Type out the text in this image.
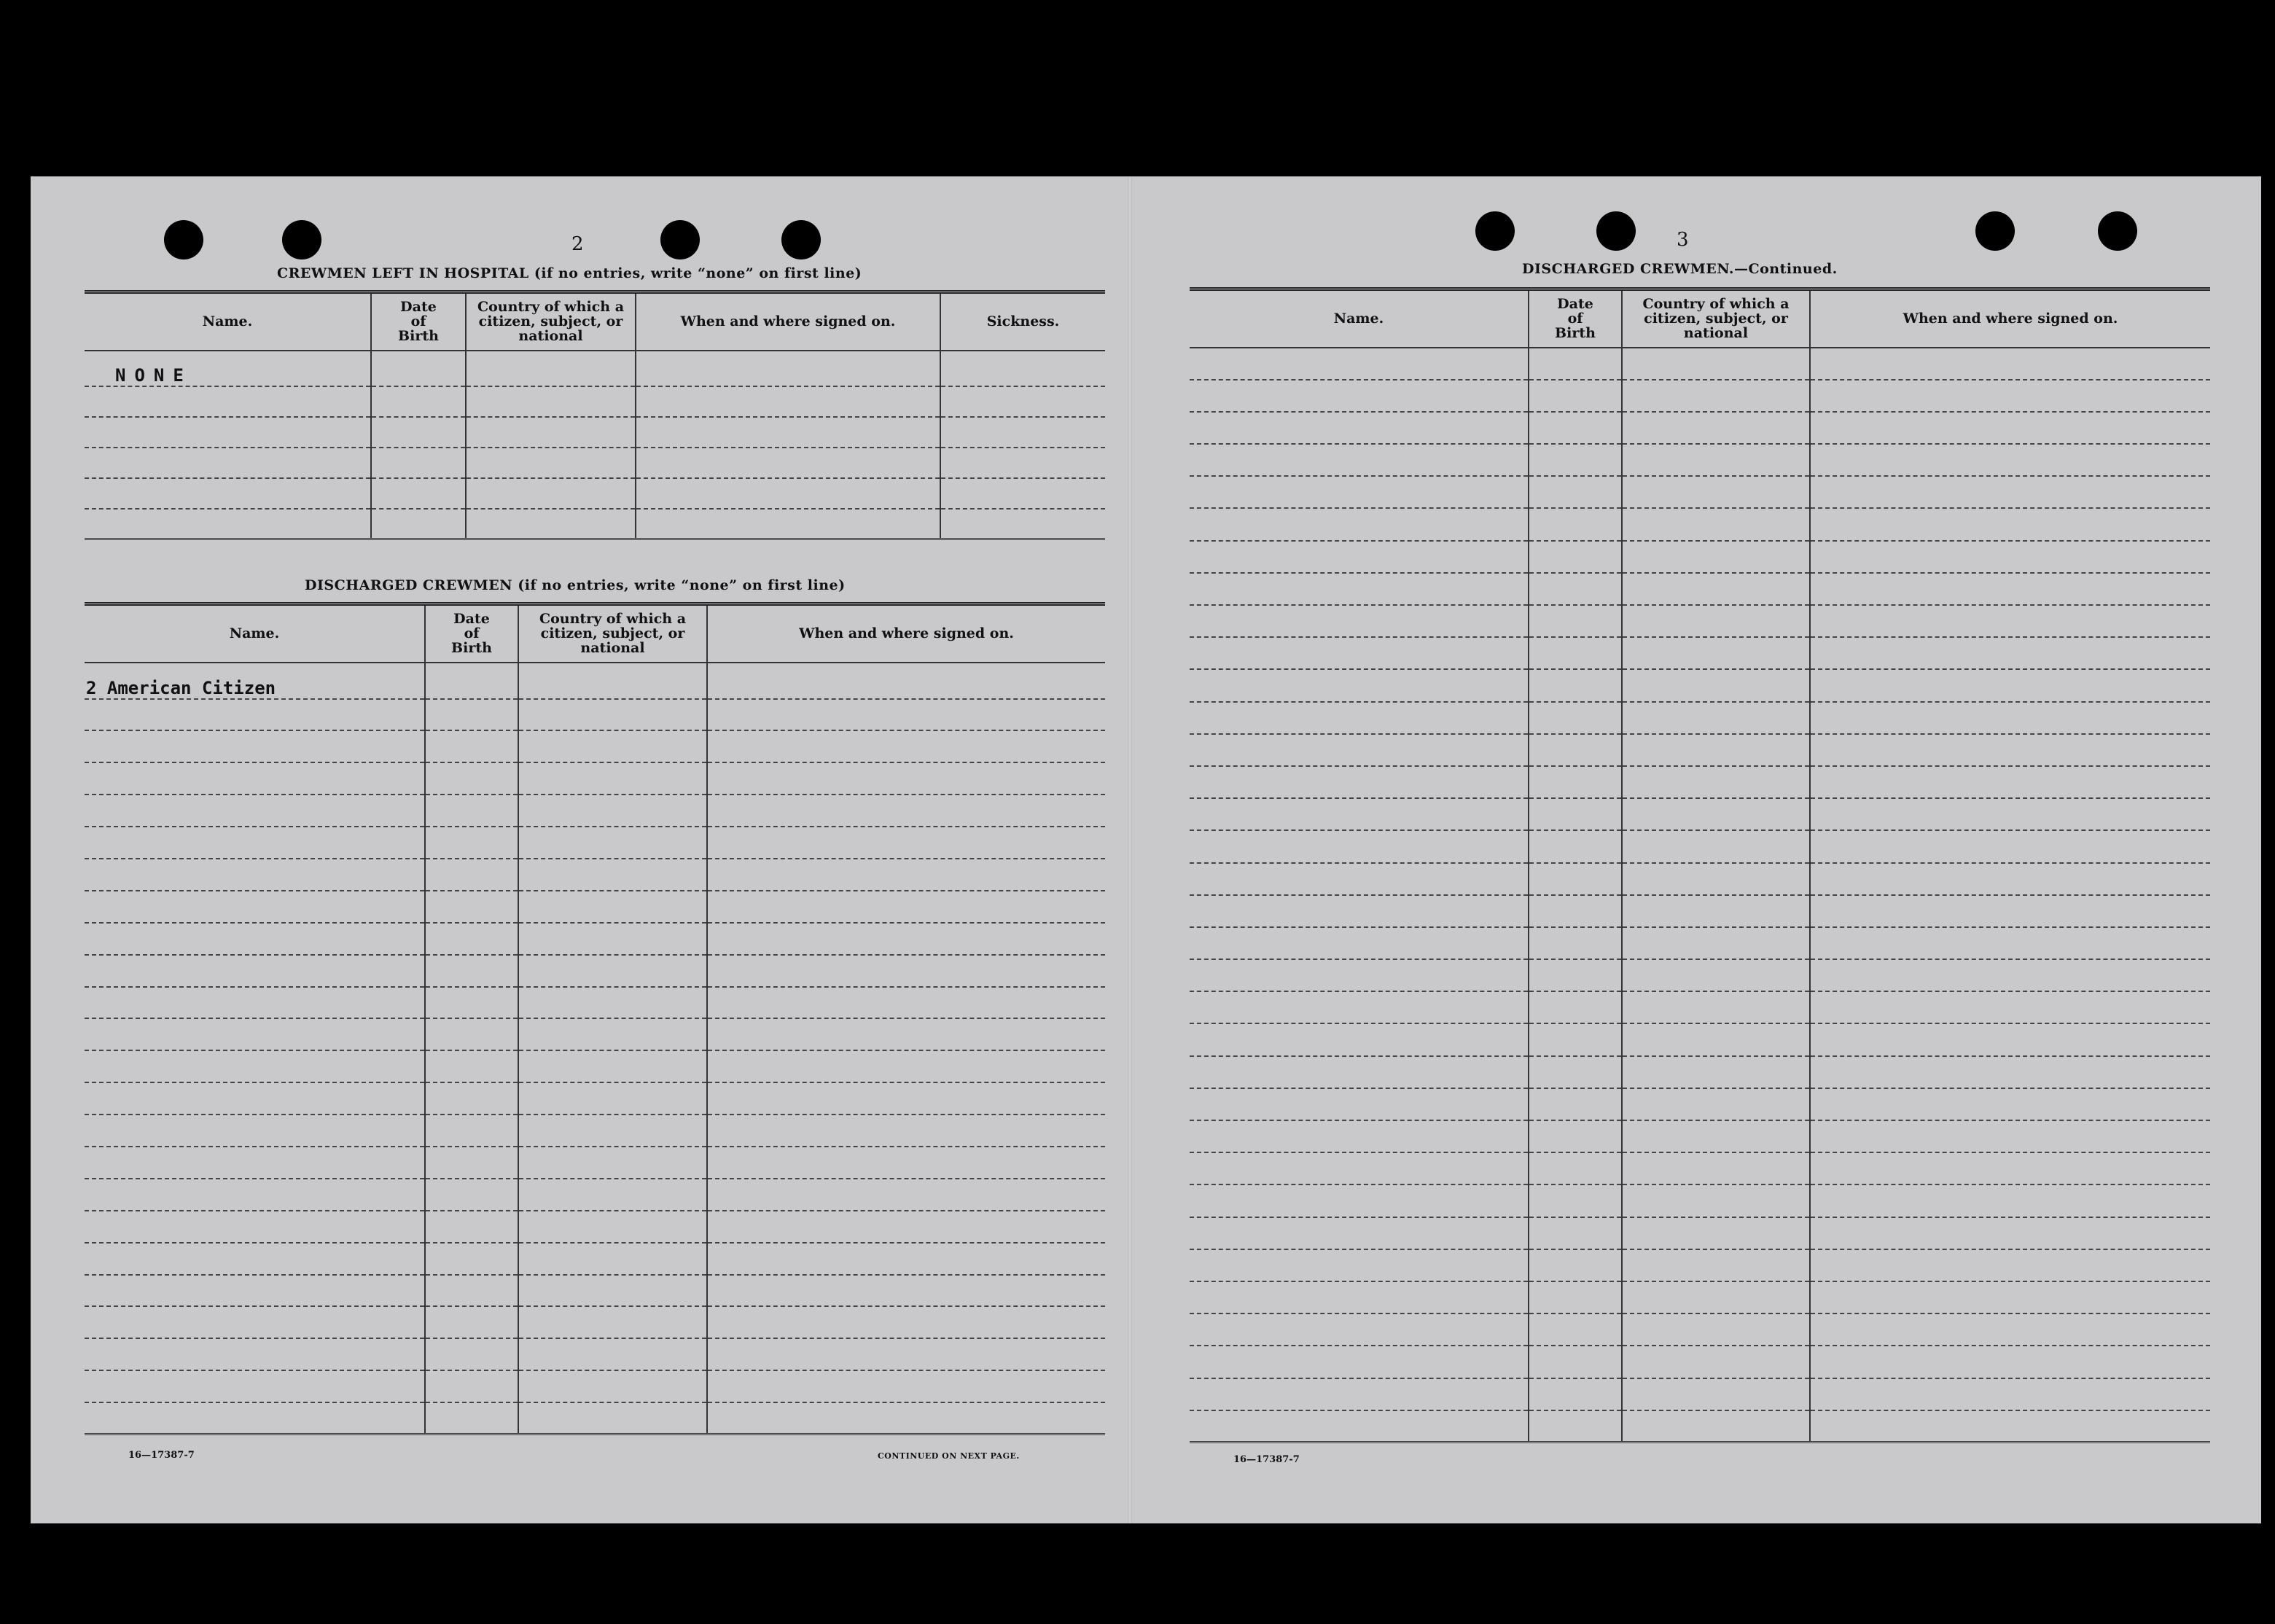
2
CREWMEN LEFT IN HOSPITAL (if no entries, write “none” on first line)
Name.	Date
of
Birth	Country of which a
citizen, subject, or
national	When and where signed on.	Sickness.
NONE				

DISCHARGED CREWMEN (if no entries, write “none” on first line)
Name.	Date
of
Birth	Country of which a
citizen, subject, or
national	When and where signed on.
2 American Citizen			

16—17387-7	CONTINUED ON NEXT PAGE.
3
DISCHARGED CREWMEN.—Continued.
Name.	Date
of
Birth	Country of which a
citizen, subject, or
national	When and where signed on.

16—17387-7
